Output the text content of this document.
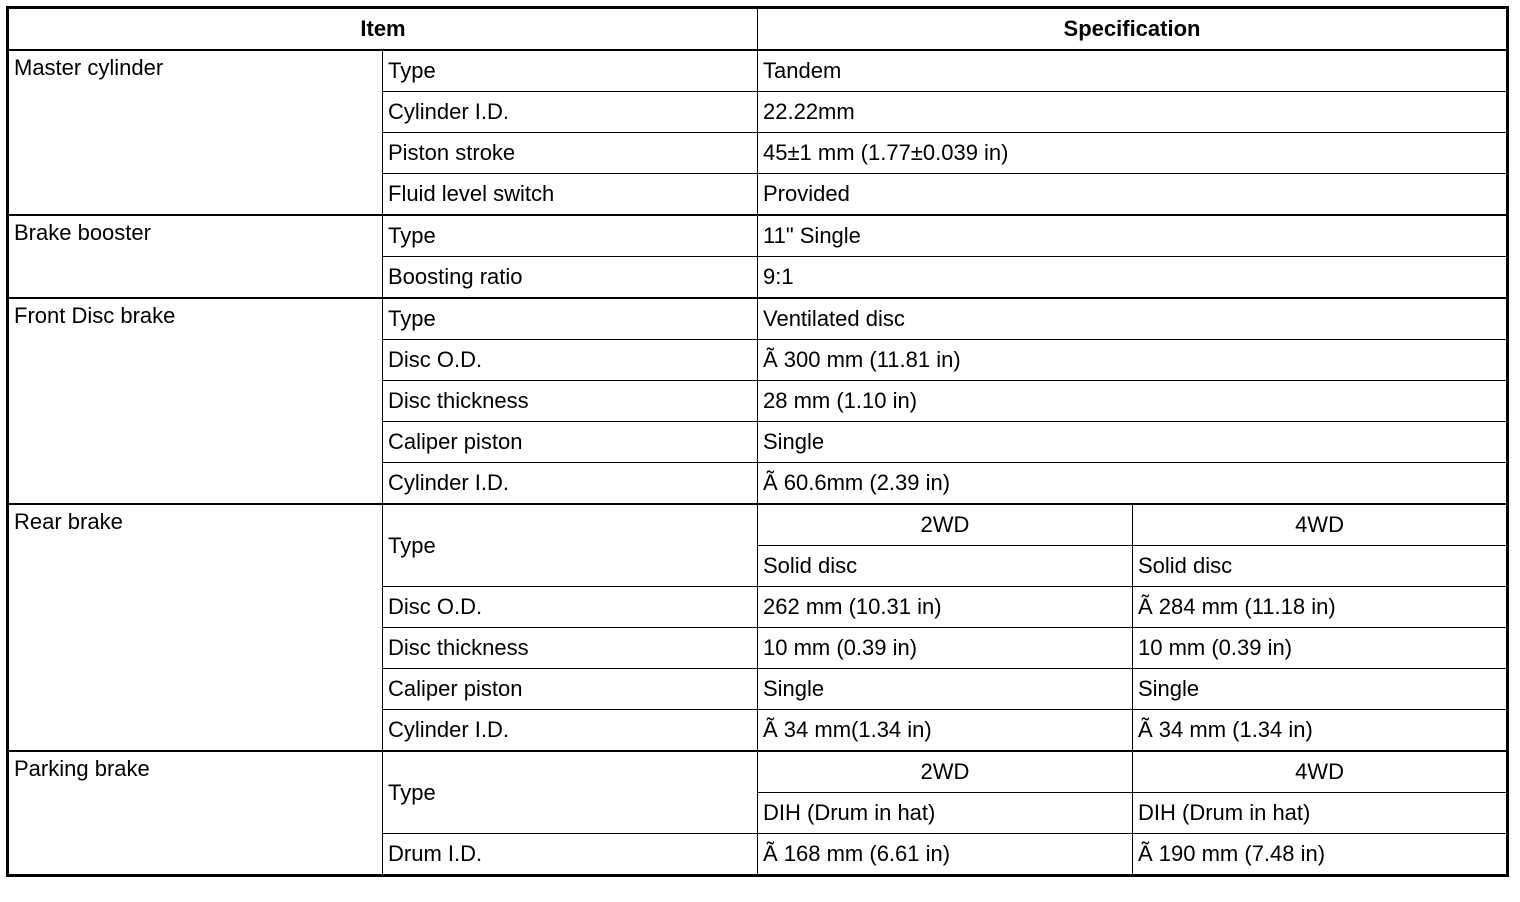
Item		Specification	
Master cylinder	Type	Tandem	
	Cylinder I.D.	22.22mm	
	Piston stroke	45±1 mm (1.77±0.039 in)	
	Fluid level switch	Provided	
Brake booster	Type	11" Single	
	Boosting ratio	9:1	
Front Disc brake	Type	Ventilated disc	
	Disc O.D.	Ã 300 mm (11.81 in)	
	Disc thickness	28 mm (1.10 in)	
	Caliper piston	Single	
	Cylinder I.D.	Ã 60.6mm (2.39 in)	
Rear brake	Type	2WD	4WD
		Solid disc	Solid disc
	Disc O.D.	262 mm (10.31 in)	Ã 284 mm (11.18 in)
	Disc thickness	10 mm (0.39 in)	10 mm (0.39 in)
	Caliper piston	Single	Single
	Cylinder I.D.	Ã 34 mm(1.34 in)	Ã 34 mm (1.34 in)
Parking brake	Type	2WD	4WD
		DIH (Drum in hat)	DIH (Drum in hat)
	Drum I.D.	Ã 168 mm (6.61 in)	Ã 190 mm (7.48 in)
